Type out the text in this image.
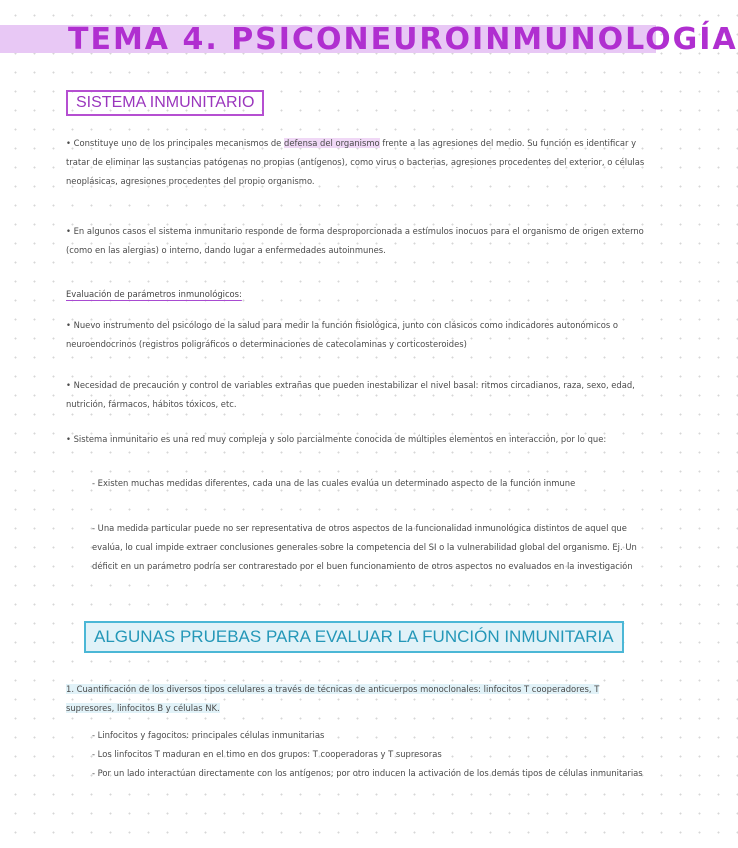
TEMA 4. PSICONEUROINMUNOLOGÍA
SISTEMA INMUNITARIO

• Constituye uno de los principales mecanismos de defensa del organismo frente a las agresiones del medio. Su función es identificar y tratar de eliminar las sustancias patógenas no propias (antígenos), como virus o bacterias, agresiones procedentes del exterior, o células neoplásicas, agresiones procedentes del propio organismo.

• En algunos casos el sistema inmunitario responde de forma desproporcionada a estímulos inocuos para el organismo de origen externo (como en las alergias) o interno, dando lugar a enfermedades autoinmunes.

Evaluación de parámetros inmunológicos:

• Nuevo instrumento del psicólogo de la salud para medir la función fisiológica, junto con clásicos como indicadores autonómicos o neuroendocrinos (registros poligráficos o determinaciones de catecolaminas y corticosteroides)

• Necesidad de precaución y control de variables extrañas que pueden inestabilizar el nivel basal: ritmos circadianos, raza, sexo, edad, nutrición, fármacos, hábitos tóxicos, etc.

• Sistema inmunitario es una red muy compleja y solo parcialmente conocida de múltiples elementos en interacción, por lo que:

- Existen muchas medidas diferentes, cada una de las cuales evalúa un determinado aspecto de la función inmune

- Una medida particular puede no ser representativa de otros aspectos de la funcionalidad inmunológica distintos de aquel que evalúa, lo cual impide extraer conclusiones generales sobre la competencia del SI o la vulnerabilidad global del organismo. Ej. Un déficit en un parámetro podría ser contrarestado por el buen funcionamiento de otros aspectos no evaluados en la investigación

ALGUNAS PRUEBAS PARA EVALUAR LA FUNCIÓN INMUNITARIA

1. Cuantificación de los diversos tipos celulares a través de técnicas de anticuerpos monoclonales: linfocitos T cooperadores, T supresores, linfocitos B y células NK.

- Linfocitos y fagocitos: principales células inmunitarias
- Los linfocitos T maduran en el timo en dos grupos: T cooperadoras y T supresoras
- Por un lado interactúan directamente con los antígenos; por otro inducen la activación de los demás tipos de células inmunitarias
